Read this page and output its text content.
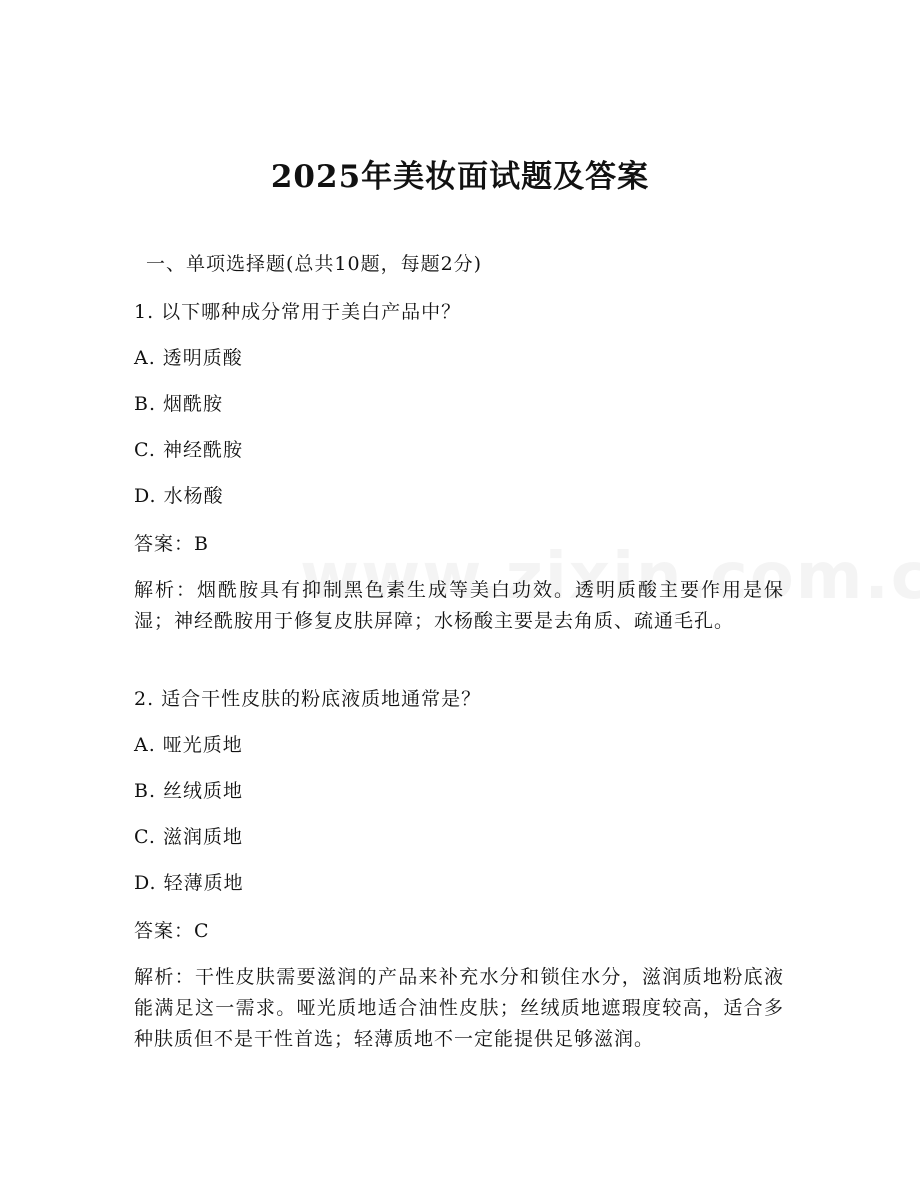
2025年美妆面试题及答案
一、单项选择题(总共10题，每题2分)
1. 以下哪种成分常用于美白产品中？
A. 透明质酸
B. 烟酰胺
C. 神经酰胺
D. 水杨酸
答案：B
解析：烟酰胺具有抑制黑色素生成等美白功效。透明质酸主要作用是保湿；神经酰胺用于修复皮肤屏障；水杨酸主要是去角质、疏通毛孔。
2. 适合干性皮肤的粉底液质地通常是？
A. 哑光质地
B. 丝绒质地
C. 滋润质地
D. 轻薄质地
答案：C
解析：干性皮肤需要滋润的产品来补充水分和锁住水分，滋润质地粉底液能满足这一需求。哑光质地适合油性皮肤；丝绒质地遮瑕度较高，适合多种肤质但不是干性首选；轻薄质地不一定能提供足够滋润。
